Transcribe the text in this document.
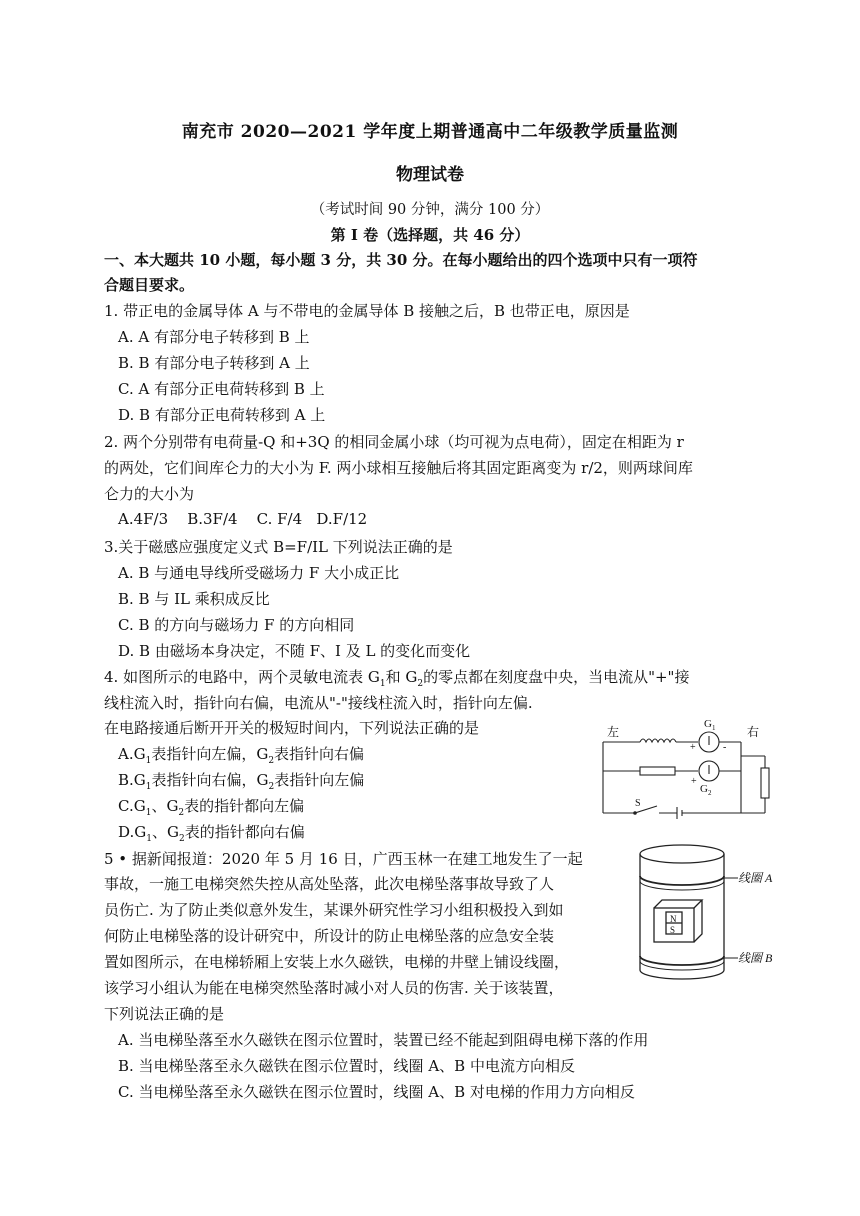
南充市 2020—2021 学年度上期普通高中二年级教学质量监测
物理试卷
（考试时间 90 分钟，满分 100 分）
第 I 卷（选择题，共 46 分）
一、本大题共 10 小题，每小题 3 分，共 30 分。在每小题给出的四个选项中只有一项符
合题目要求。
1. 带正电的金属导体 A 与不带电的金属导体 B 接触之后，B 也带正电，原因是
A. A 有部分电子转移到 B 上
B. B 有部分电子转移到 A 上
C. A 有部分正电荷转移到 B 上
D. B 有部分正电荷转移到 A 上
2. 两个分别带有电荷量-Q 和+3Q 的相同金属小球（均可视为点电荷），固定在相距为 r
的两处，它们间库仑力的大小为 F. 两小球相互接触后将其固定距离变为 r/2，则两球间库
仑力的大小为
A.4F/3    B.3F/4    C. F/4   D.F/12
3.关于磁感应强度定义式 B=F/IL 下列说法正确的是
A. B 与通电导线所受磁场力 F 大小成正比
B. B 与 IL 乘积成反比
C. B 的方向与磁场力 F 的方向相同
D. B 由磁场本身决定，不随 F、I 及 L 的变化而变化
4. 如图所示的电路中，两个灵敏电流表 $G_1$和 $G_2$的零点都在刻度盘中央，当电流从"+"接
线柱流入时，指针向右偏，电流从"-"接线柱流入时，指针向左偏.
在电路接通后断开开关的极短时间内，下列说法正确的是
$A.G_1$表指针向左偏，$G_2$表指针向右偏
$B.G_1$表指针向右偏，$G_2$表指针向左偏
$C.G_1$、$G_2$表的指针都向左偏
$D.G_1$、$G_2$表的指针都向右偏
左	右
G 1
+	-
+
G 2
S
5 • 据新闻报道：2020 年 5 月 16 日，广西玉林一在建工地发生了一起
事故，一施工电梯突然失控从高处坠落，此次电梯坠落事故导致了人
员伤亡. 为了防止类似意外发生，某课外研究性学习小组积极投入到如
何防止电梯坠落的设计研究中，所设计的防止电梯坠落的应急安全装
置如图所示，在电梯轿厢上安装上水久磁铁，电梯的井壁上铺设线圈，
该学习小组认为能在电梯突然坠落时减小对人员的伤害. 关于该装置，
下列说法正确的是
A. 当电梯坠落至水久磁铁在图示位置时，装置已经不能起到阻碍电梯下落的作用
B. 当电梯坠落至永久磁铁在图示位置时，线圈 A、B 中电流方向相反
C. 当电梯坠落至永久磁铁在图示位置时，线圈 A、B 对电梯的作用力方向相反
N
S
线圈 A
线圈 B
